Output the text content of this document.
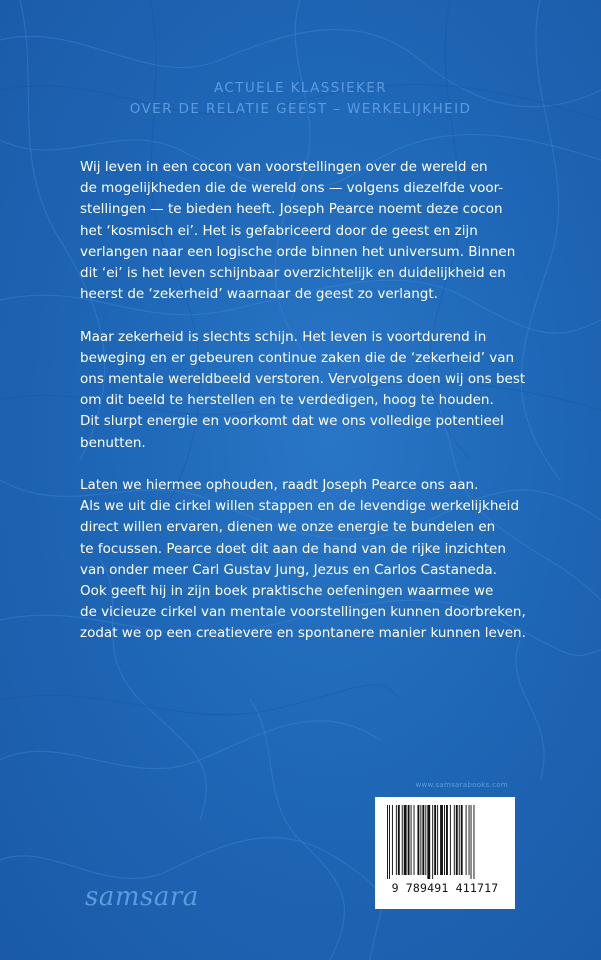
ACTUELE KLASSIEKER
OVER DE RELATIE GEEST – WERKELIJKHEID
Wij leven in een cocon van voorstellingen over de wereld en
de mogelijkheden die de wereld ons — volgens diezelfde voor-
stellingen — te bieden heeft. Joseph Pearce noemt deze cocon
het ‘kosmisch ei’. Het is gefabriceerd door de geest en zijn
verlangen naar een logische orde binnen het universum. Binnen
dit ‘ei’ is het leven schijnbaar overzichtelijk en duidelijkheid en
heerst de ‘zekerheid’ waarnaar de geest zo verlangt.
Maar zekerheid is slechts schijn. Het leven is voortdurend in
beweging en er gebeuren continue zaken die de ‘zekerheid’ van
ons mentale wereldbeeld verstoren. Vervolgens doen wij ons best
om dit beeld te herstellen en te verdedigen, hoog te houden.
Dit slurpt energie en voorkomt dat we ons volledige potentieel
benutten.
Laten we hiermee ophouden, raadt Joseph Pearce ons aan.
Als we uit die cirkel willen stappen en de levendige werkelijkheid
direct willen ervaren, dienen we onze energie te bundelen en
te focussen. Pearce doet dit aan de hand van de rijke inzichten
van onder meer Carl Gustav Jung, Jezus en Carlos Castaneda.
Ook geeft hij in zijn boek praktische oefeningen waarmee we
de vicieuze cirkel van mentale voorstellingen kunnen doorbreken,
zodat we op een creatievere en spontanere manier kunnen leven.
www.samsarabooks.com
9 789491 411717
samsara
